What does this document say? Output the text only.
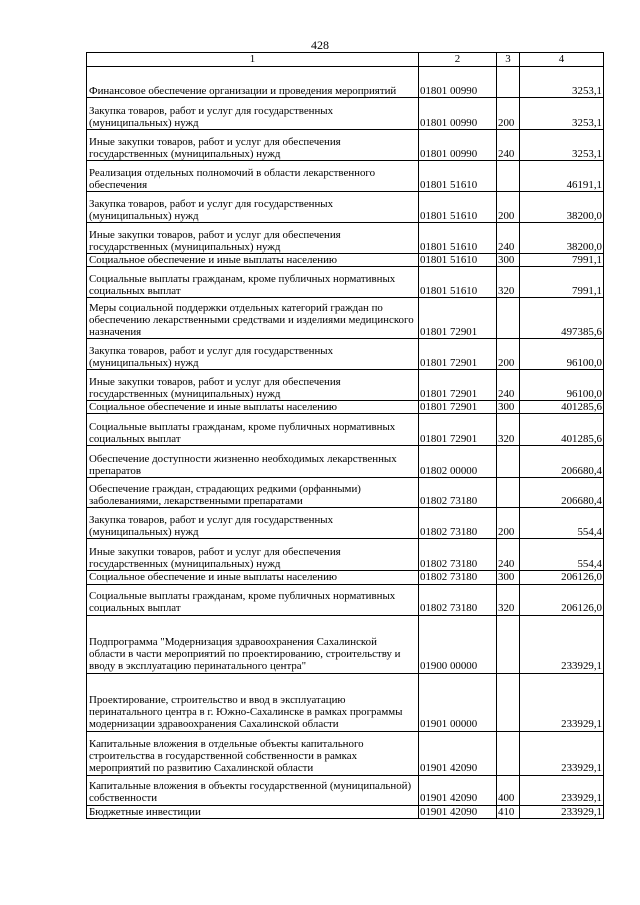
428
1	2	3	4
Финансовое обеспечение организации и проведения мероприятий	01801 00990		3253,1
Закупка товаров, работ и услуг для государственных (муниципальных) нужд	01801 00990	200	3253,1
Иные закупки товаров, работ и услуг для обеспечения государственных (муниципальных) нужд	01801 00990	240	3253,1
Реализация отдельных полномочий в области лекарственного обеспечения	01801 51610		46191,1
Закупка товаров, работ и услуг для государственных (муниципальных) нужд	01801 51610	200	38200,0
Иные закупки товаров, работ и услуг для обеспечения государственных (муниципальных) нужд	01801 51610	240	38200,0
Социальное обеспечение и иные выплаты населению	01801 51610	300	7991,1
Социальные выплаты гражданам, кроме публичных нормативных социальных выплат	01801 51610	320	7991,1
Меры социальной поддержки отдельных категорий граждан по обеспечению лекарственными средствами и изделиями медицинского назначения	01801 72901		497385,6
Закупка товаров, работ и услуг для государственных (муниципальных) нужд	01801 72901	200	96100,0
Иные закупки товаров, работ и услуг для обеспечения государственных (муниципальных) нужд	01801 72901	240	96100,0
Социальное обеспечение и иные выплаты населению	01801 72901	300	401285,6
Социальные выплаты гражданам, кроме публичных нормативных социальных выплат	01801 72901	320	401285,6
Обеспечение доступности жизненно необходимых лекарственных препаратов	01802 00000		206680,4
Обеспечение граждан, страдающих редкими (орфанными) заболеваниями, лекарственными препаратами	01802 73180		206680,4
Закупка товаров, работ и услуг для государственных (муниципальных) нужд	01802 73180	200	554,4
Иные закупки товаров, работ и услуг для обеспечения государственных (муниципальных) нужд	01802 73180	240	554,4
Социальное обеспечение и иные выплаты населению	01802 73180	300	206126,0
Социальные выплаты гражданам, кроме публичных нормативных социальных выплат	01802 73180	320	206126,0
Подпрограмма "Модернизация здравоохранения Сахалинской области в части мероприятий по проектированию, строительству и вводу в эксплуатацию перинатального центра"	01900 00000		233929,1
Проектирование, строительство и ввод в эксплуатацию перинатального центра в г. Южно-Сахалинске в рамках программы модернизации здравоохранения Сахалинской области	01901 00000		233929,1
Капитальные вложения в отдельные объекты капитального строительства в государственной собственности в рамках мероприятий по развитию Сахалинской области	01901 42090		233929,1
Капитальные вложения в объекты государственной (муниципальной) собственности	01901 42090	400	233929,1
Бюджетные инвестиции	01901 42090	410	233929,1
